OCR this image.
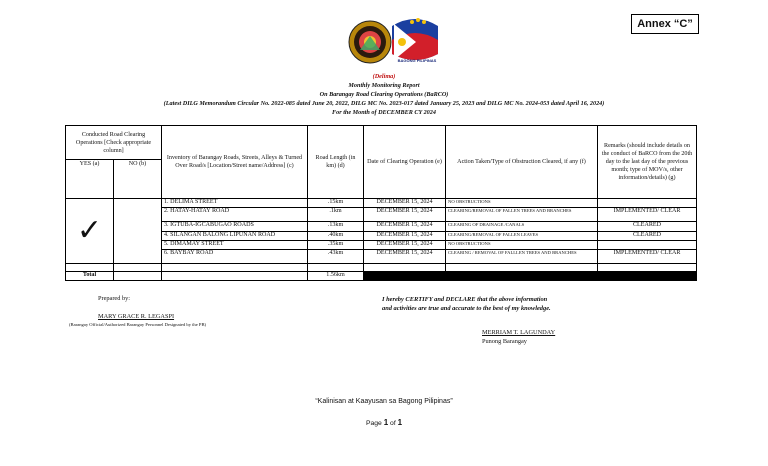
Annex “C”
BAGONG PILIPINAS
(Delima)
Monthly Monitoring Report
On Barangay Road Clearing Operations (BaRCO)
(Latest DILG Memorandum Circular No. 2022-085 dated June 20, 2022, DILG MC No. 2023-017 dated January 25, 2023 and DILG MC No. 2024-053 dated April 16, 2024)
For the Month of DECEMBER CY 2024
Conducted Road Clearing Operations [Check appropriate column]		Inventory of Barangay Roads, Streets, Alleys & Turned Over Road/s [Location/Street name/Address] (c)	Road Length (in km) (d)	Date of Clearing Operation (e)	Action Taken/Type of Obstruction Cleared, if any (f)	Remarks (should include details on the conduct of BaRCO from the 20th day to the last day of the previous month; type of MOV/s, other information/details) (g)
YES (a)	NO (b)					
✓		1. DELIMA STREET	.15km	DECEMBER 15, 2024	NO OBSTRUCTIONS	
		2. HATAY-HATAY ROAD	.1km	DECEMBER 15, 2024	CLEARING/REMOVAL OF FALLEN TREES AND BRANCHES	IMPLEMENTED/ CLEAR
		3. IGTUBA-IGCABUGAO ROADS	.13km	DECEMBER 15, 2024	CLEARING OF DRAINAGE /CANALS	CLEARED
		4. SILANGAN BALONG LIPUNAN ROAD	.40km	DECEMBER 15, 2024	CLEARING/REMOVAL OF FALLEN LEAVES	CLEARED
		5. DIMAMAY STREET	.35km	DECEMBER 15, 2024	NO OBSTRUCTIONS	
		6. BAYBAY ROAD	.43km	DECEMBER 15, 2024	CLEARING / REMOVAL OF FALLLEN TREES AND BRANCHES	IMPLEMENTED/ CLEAR

Total			1.56km			
Prepared by:
MARY GRACE R. LEGASPI
(Barangay Official/Authorized Barangay Personnel Designated by the PB)
I hereby CERTIFY and DECLARE that the above information
and activities are true and accurate to the best of my knowledge.
MERRIAM T. LAGUNDAY
Punong Barangay
“Kalinisan at Kaayusan sa Bagong Pilipinas”
Page 1 of 1
